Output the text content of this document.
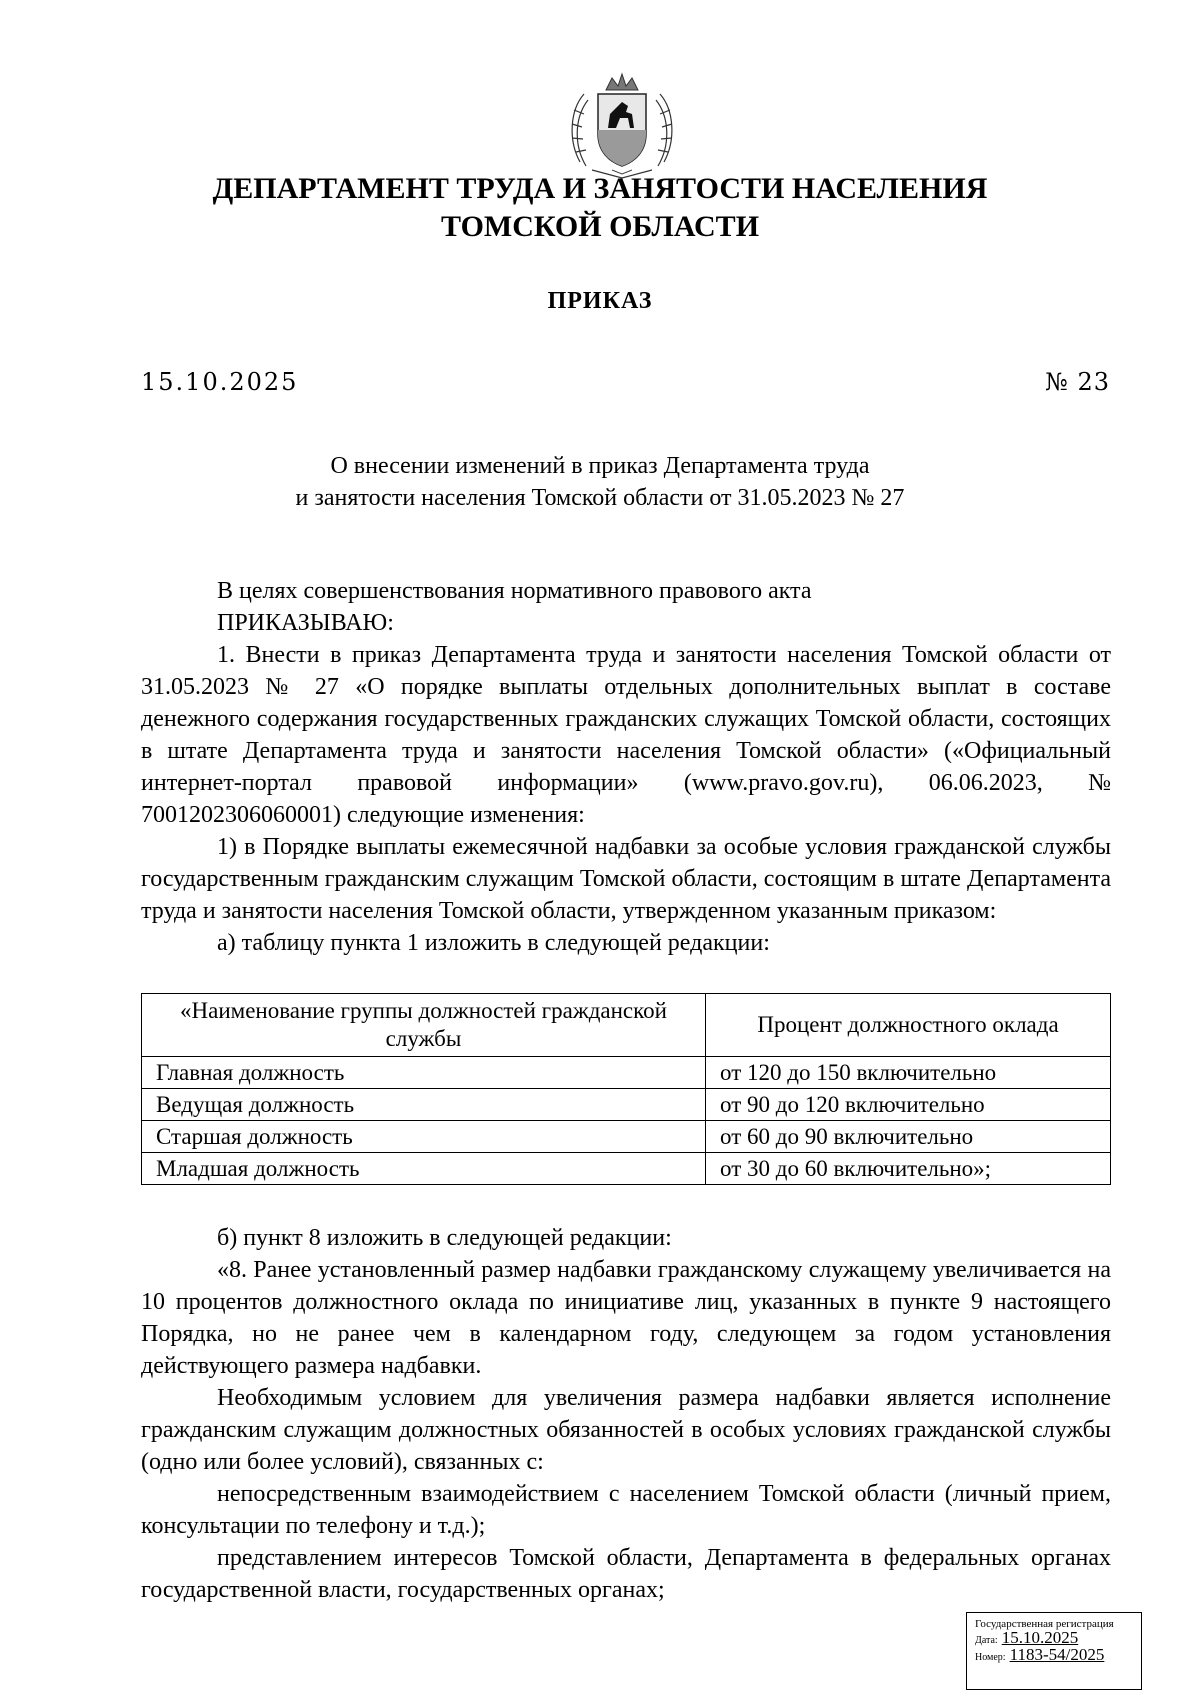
ДЕПАРТАМЕНТ ТРУДА И ЗАНЯТОСТИ НАСЕЛЕНИЯ
ТОМСКОЙ ОБЛАСТИ
ПРИКАЗ
15.10.2025	№ 23
О внесении изменений в приказ Департамента труда
и занятости населения Томской области от 31.05.2023 № 27

В целях совершенствования нормативного правового акта

ПРИКАЗЫВАЮ:

1. Внести в приказ Департамента труда и занятости населения Томской области от 31.05.2023 № 27 «О порядке выплаты отдельных дополнительных выплат в составе денежного содержания государственных гражданских служащих Томской области, состоящих в штате Департамента труда и занятости населения Томской области» («Официальный интернет-портал правовой информации» (www.pravo.gov.ru), 06.06.2023, № 7001202306060001) следующие изменения:

1) в Порядке выплаты ежемесячной надбавки за особые условия гражданской службы государственным гражданским служащим Томской области, состоящим в штате Департамента труда и занятости населения Томской области, утвержденном указанным приказом:

а) таблицу пункта 1 изложить в следующей редакции:

«Наименование группы должностей гражданской службы	Процент должностного оклада
Главная должность	от 120 до 150 включительно
Ведущая должность	от 90 до 120 включительно
Старшая должность	от 60 до 90 включительно
Младшая должность	от 30 до 60 включительно»;

б) пункт 8 изложить в следующей редакции:

«8. Ранее установленный размер надбавки гражданскому служащему увеличивается на 10 процентов должностного оклада по инициативе лиц, указанных в пункте 9 настоящего Порядка, но не ранее чем в календарном году, следующем за годом установления действующего размера надбавки.

Необходимым условием для увеличения размера надбавки является исполнение гражданским служащим должностных обязанностей в особых условиях гражданской службы (одно или более условий), связанных с:

непосредственным взаимодействием с населением Томской области (личный прием, консультации по телефону и т.д.);

представлением интересов Томской области, Департамента в федеральных органах государственной власти, государственных органах;

Государственная регистрация
Дата: 15.10.2025
Номер: 1183-54/2025
